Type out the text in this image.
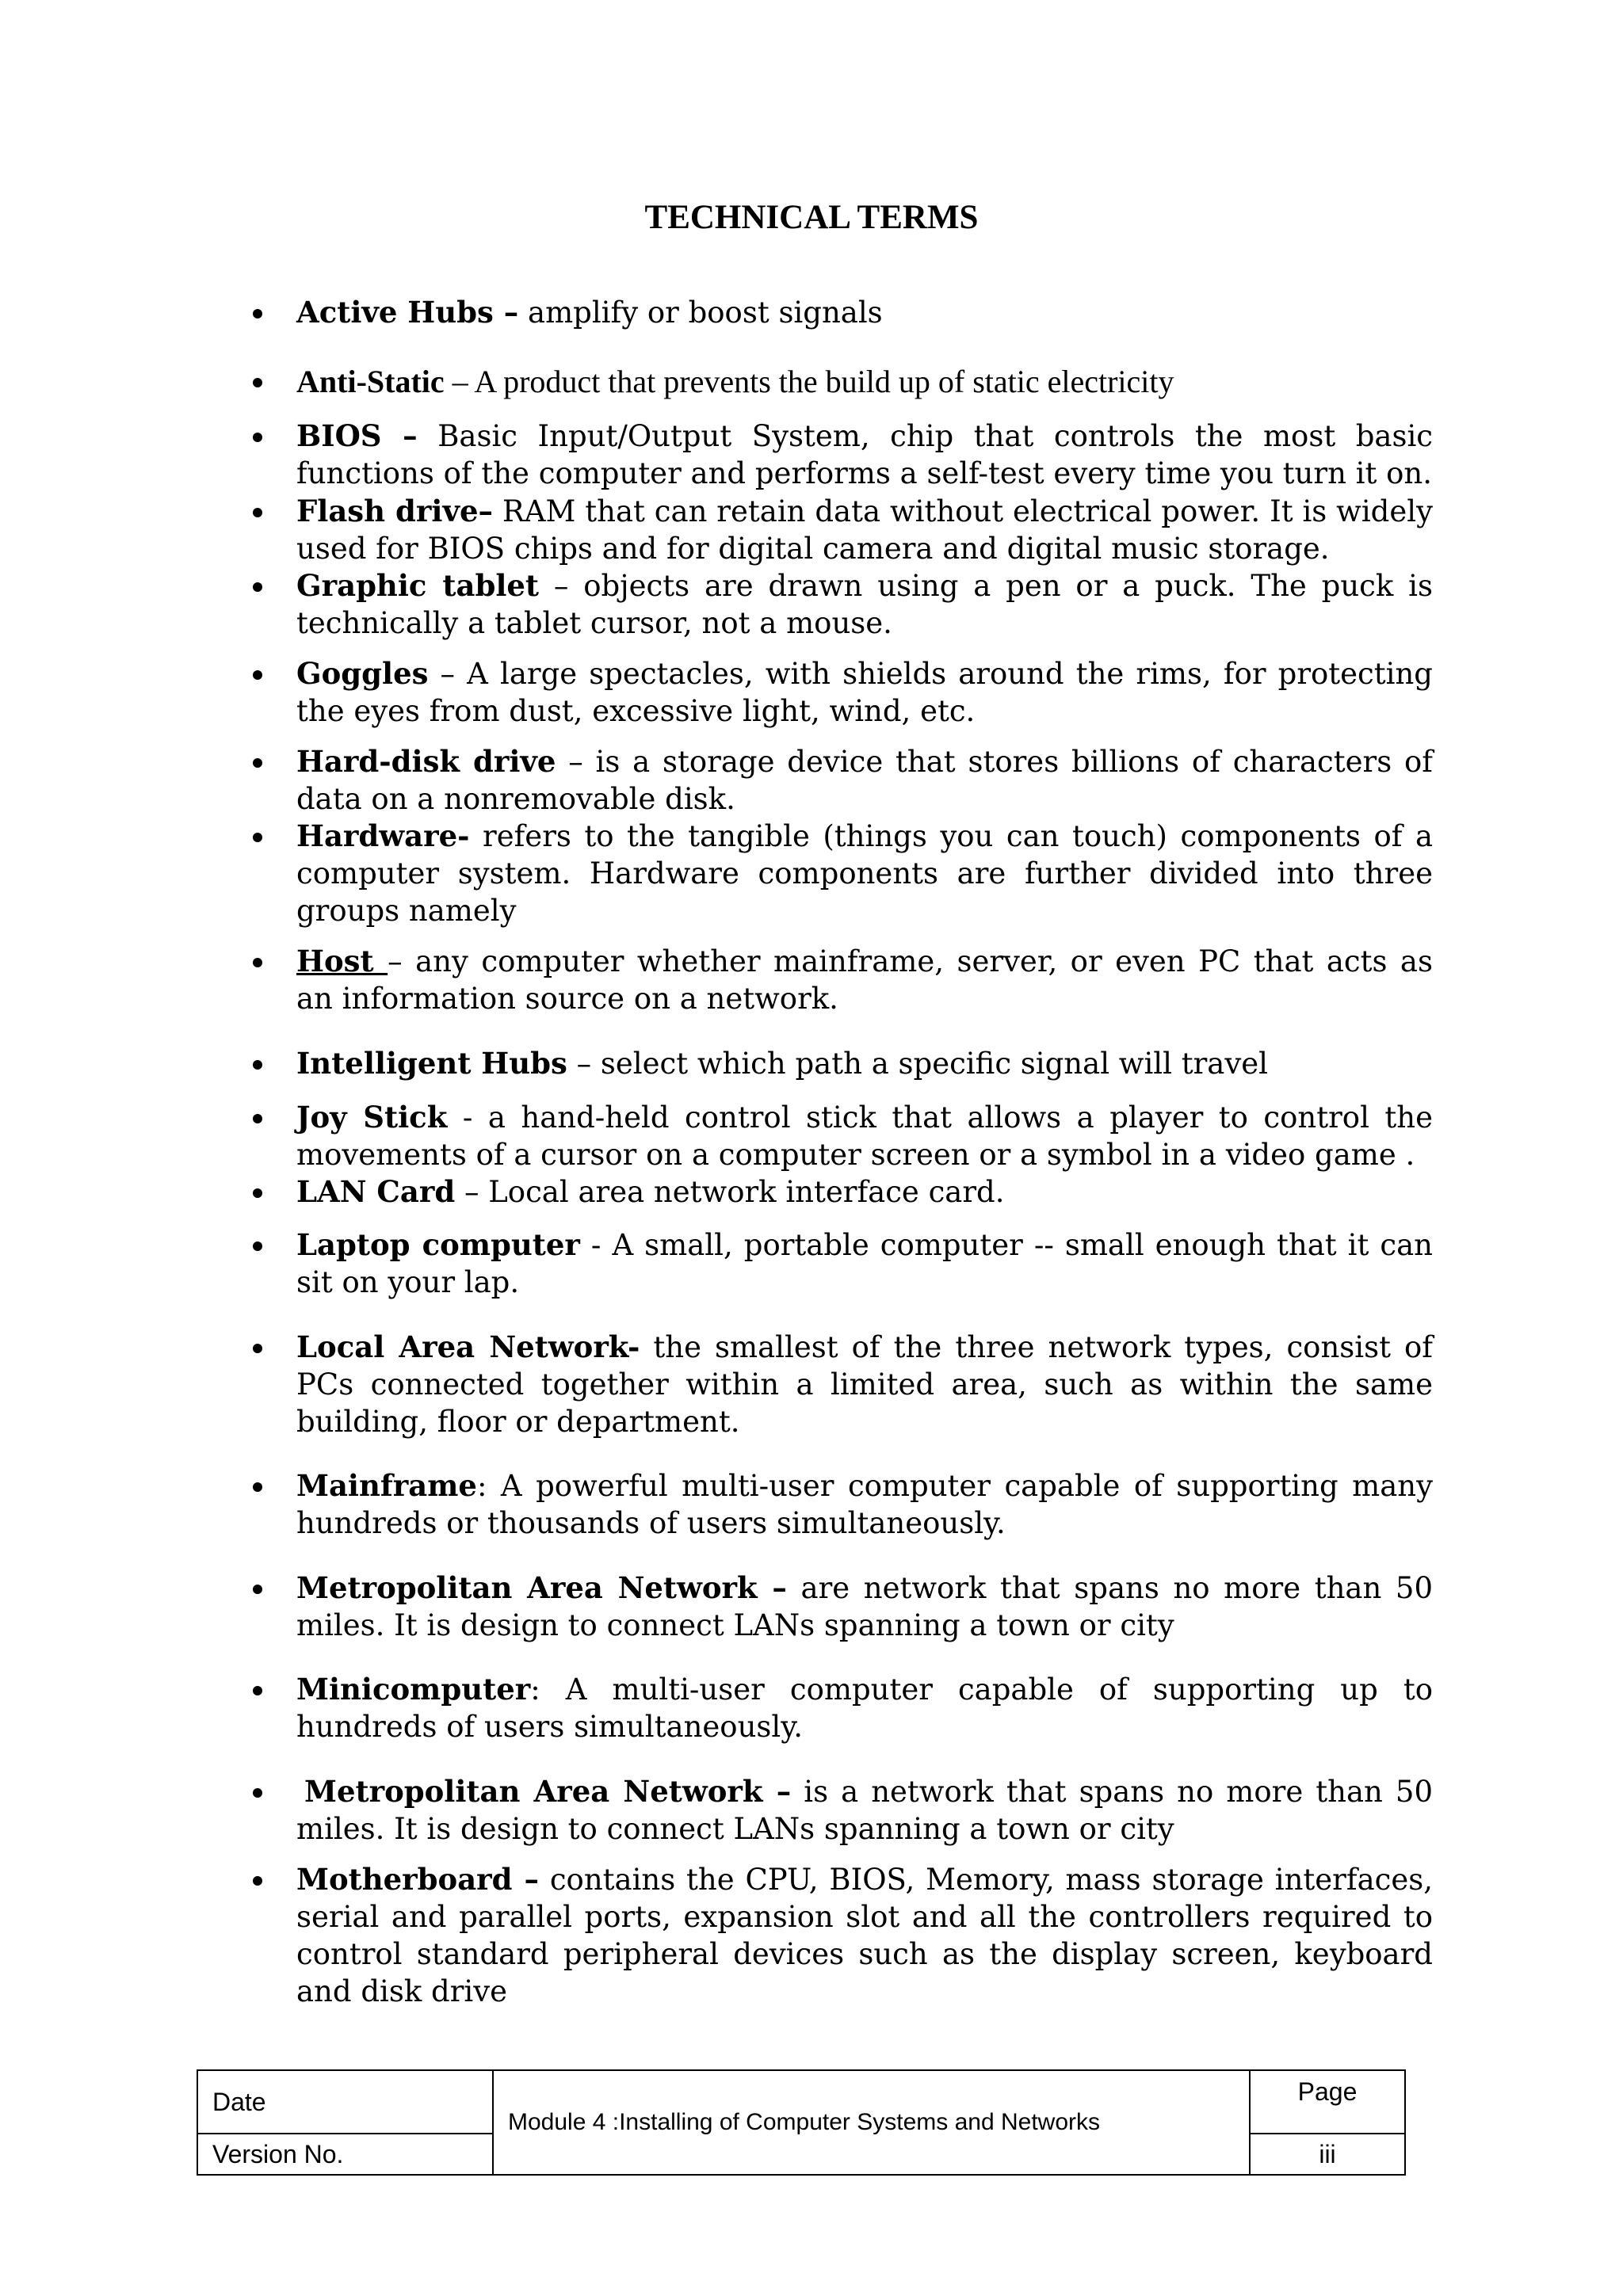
TECHNICAL TERMS
Active Hubs – amplify or boost signals
Anti-Static – A product that prevents the build up of static electricity
BIOS – Basic Input/Output System, chip that controls the most basic functions of the computer and performs a self-test every time you turn it on.
Flash drive– RAM that can retain data without electrical power. It is widely used for BIOS chips and for digital camera and digital music storage.
Graphic tablet – objects are drawn using a pen or a puck. The puck is technically a tablet cursor, not a mouse.
Goggles – A large spectacles, with shields around the rims, for protecting the eyes from dust, excessive light, wind, etc.
Hard-disk drive – is a storage device that stores billions of characters of data on a nonremovable disk.
Hardware- refers to the tangible (things you can touch) components of a computer system. Hardware components are further divided into three groups namely
Host – any computer whether mainframe, server, or even PC that acts as an information source on a network.
Intelligent Hubs – select which path a specific signal will travel
Joy Stick - a hand-held control stick that allows a player to control the movements of a cursor on a computer screen or a symbol in a video game .
LAN Card – Local area network interface card.
Laptop computer - A small, portable computer -- small enough that it can sit on your lap.
Local Area Network- the smallest of the three network types, consist of PCs connected together within a limited area, such as within the same building, floor or department.
Mainframe: A powerful multi-user computer capable of supporting many hundreds or thousands of users simultaneously.
Metropolitan Area Network – are network that spans no more than 50 miles. It is design to connect LANs spanning a town or city
Minicomputer: A multi-user computer capable of supporting up to hundreds of users simultaneously.
Metropolitan Area Network – is a network that spans no more than 50 miles. It is design to connect LANs spanning a town or city
Motherboard – contains the CPU, BIOS, Memory, mass storage interfaces, serial and parallel ports, expansion slot and all the controllers required to control standard peripheral devices such as the display screen, keyboard and disk drive
Date	Module 4 :Installing of Computer Systems and Networks	Page
Version No.		iii
